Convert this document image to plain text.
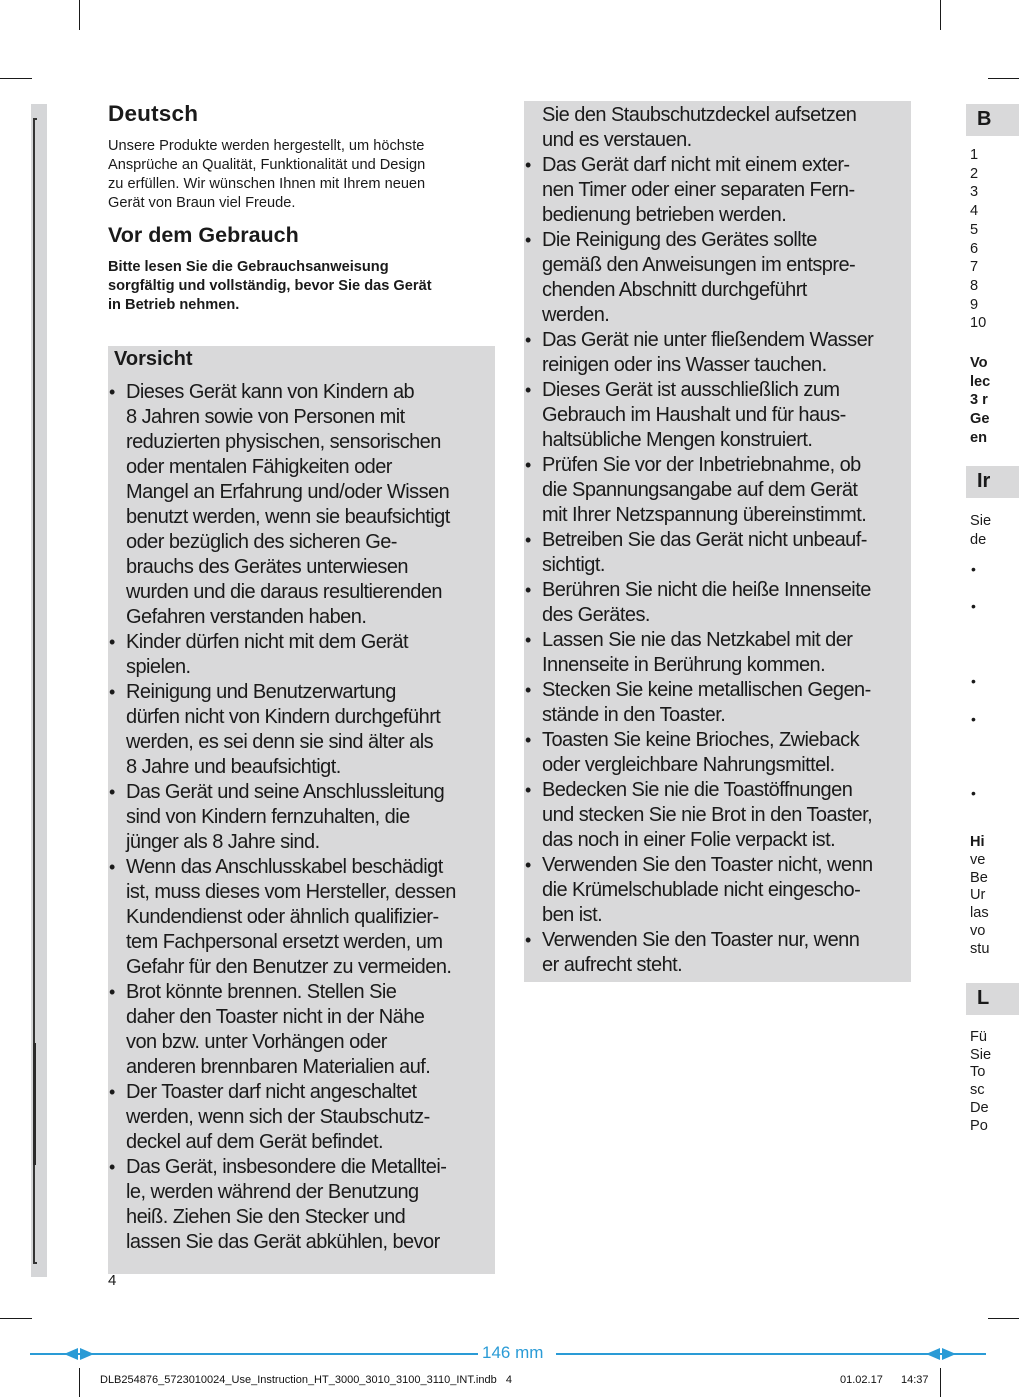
Deutsch

Unsere Produkte werden hergestellt, um höchste
Ansprüche an Qualität, Funktionalität und Design
zu erfüllen. Wir wünschen Ihnen mit Ihrem neuen
Gerät von Braun viel Freude.

Vor dem Gebrauch

Bitte lesen Sie die Gebrauchsanweisung
sorgfältig und vollständig, bevor Sie das Gerät
in Betrieb nehmen.

Vorsicht
• Dieses Gerät kann von Kindern ab
8 Jahren sowie von Personen mit
reduzierten physischen, sensorischen
oder mentalen Fähigkeiten oder
Mangel an Erfahrung und/oder Wissen
benutzt werden, wenn sie beaufsichtigt
oder bezüglich des sicheren Ge-
brauchs des Gerätes unterwiesen
wurden und die daraus resultierenden
Gefahren verstanden haben.
• Kinder dürfen nicht mit dem Gerät
spielen.
• Reinigung und Benutzerwartung
dürfen nicht von Kindern durchgeführt
werden, es sei denn sie sind älter als
8 Jahre und beaufsichtigt.
• Das Gerät und seine Anschlussleitung
sind von Kindern fernzuhalten, die
jünger als 8 Jahre sind.
• Wenn das Anschlusskabel beschädigt
ist, muss dieses vom Hersteller, dessen
Kundendienst oder ähnlich qualifizier-
tem Fachpersonal ersetzt werden, um
Gefahr für den Benutzer zu vermeiden.
• Brot könnte brennen. Stellen Sie
daher den Toaster nicht in der Nähe
von bzw. unter Vorhängen oder
anderen brennbaren Materialien auf.
• Der Toaster darf nicht angeschaltet
werden, wenn sich der Staubschutz-
deckel auf dem Gerät befindet.
• Das Gerät, insbesondere die Metalltei-
le, werden während der Benutzung
heiß. Ziehen Sie den Stecker und
lassen Sie das Gerät abkühlen, bevor
Sie den Staubschutzdeckel aufsetzen
und es verstauen.
• Das Gerät darf nicht mit einem exter-
nen Timer oder einer separaten Fern-
bedienung betrieben werden.
• Die Reinigung des Gerätes sollte
gemäß den Anweisungen im entspre-
chenden Abschnitt durchgeführt
werden.
• Das Gerät nie unter fließendem Wasser
reinigen oder ins Wasser tauchen.
• Dieses Gerät ist ausschließlich zum
Gebrauch im Haushalt und für haus-
haltsübliche Mengen konstruiert.
• Prüfen Sie vor der Inbetriebnahme, ob
die Spannungsangabe auf dem Gerät
mit Ihrer Netzspannung übereinstimmt.
• Betreiben Sie das Gerät nicht unbeauf-
sichtigt.
• Berühren Sie nicht die heiße Innenseite
des Gerätes.
• Lassen Sie nie das Netzkabel mit der
Innenseite in Berührung kommen.
• Stecken Sie keine metallischen Gegen-
stände in den Toaster.
• Toasten Sie keine Brioches, Zwieback
oder vergleichbare Nahrungsmittel.
• Bedecken Sie nie die Toastöffnungen
und stecken Sie nie Brot in den Toaster,
das noch in einer Folie verpackt ist.
• Verwenden Sie den Toaster nicht, wenn
die Krümelschublade nicht eingescho-
ben ist.
• Verwenden Sie den Toaster nur, wenn
er aufrecht steht.
4
B
1
2
3
4
5
6
7
8
9
10
Vo
lec
3 r
Ge
en
Ir
Sie
de
•
•
•
•
•
Hi
ve
Be
Ur
las
vo
stu
L
Fü
Sie
To
sc
De
Po
146 mm
DLB254876_5723010024_Use_Instruction_HT_3000_3010_3100_3110_INT.indb   4	01.02.17 14:37
